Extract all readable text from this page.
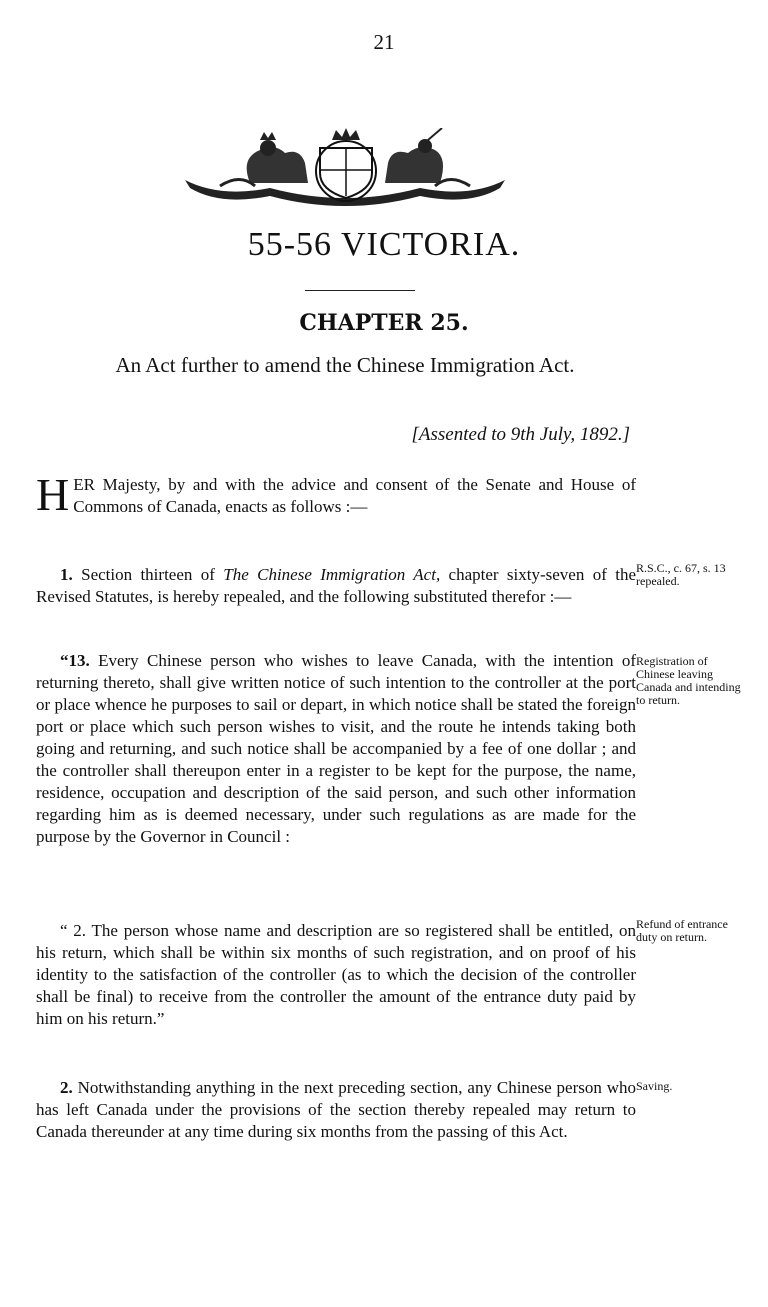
21
55-56 VICTORIA.
CHAPTER 25.
An Act further to amend the Chinese Immigration Act.
[Assented to 9th July, 1892.]
HER Majesty, by and with the advice and consent of the Senate and House of Commons of Canada, enacts as follows :—
1. Section thirteen of The Chinese Immigration Act, chapter sixty-seven of the Revised Statutes, is hereby repealed, and the following substituted therefor :—
“13. Every Chinese person who wishes to leave Canada, with the intention of returning thereto, shall give written notice of such intention to the controller at the port or place whence he purposes to sail or depart, in which notice shall be stated the foreign port or place which such person wishes to visit, and the route he intends taking both going and returning, and such notice shall be accompanied by a fee of one dollar ; and the controller shall thereupon enter in a register to be kept for the purpose, the name, residence, occupation and description of the said person, and such other information regarding him as is deemed necessary, under such regulations as are made for the purpose by the Governor in Council :
“ 2. The person whose name and description are so registered shall be entitled, on his return, which shall be within six months of such registration, and on proof of his identity to the satisfaction of the controller (as to which the decision of the controller shall be final) to receive from the controller the amount of the entrance duty paid by him on his return.”
2. Notwithstanding anything in the next preceding section, any Chinese person who has left Canada under the provisions of the section thereby repealed may return to Canada thereunder at any time during six months from the passing of this Act.
R.S.C., c. 67, s. 13 repealed.
Registration of Chinese leaving Canada and intending to return.
Refund of entrance duty on return.
Saving.
